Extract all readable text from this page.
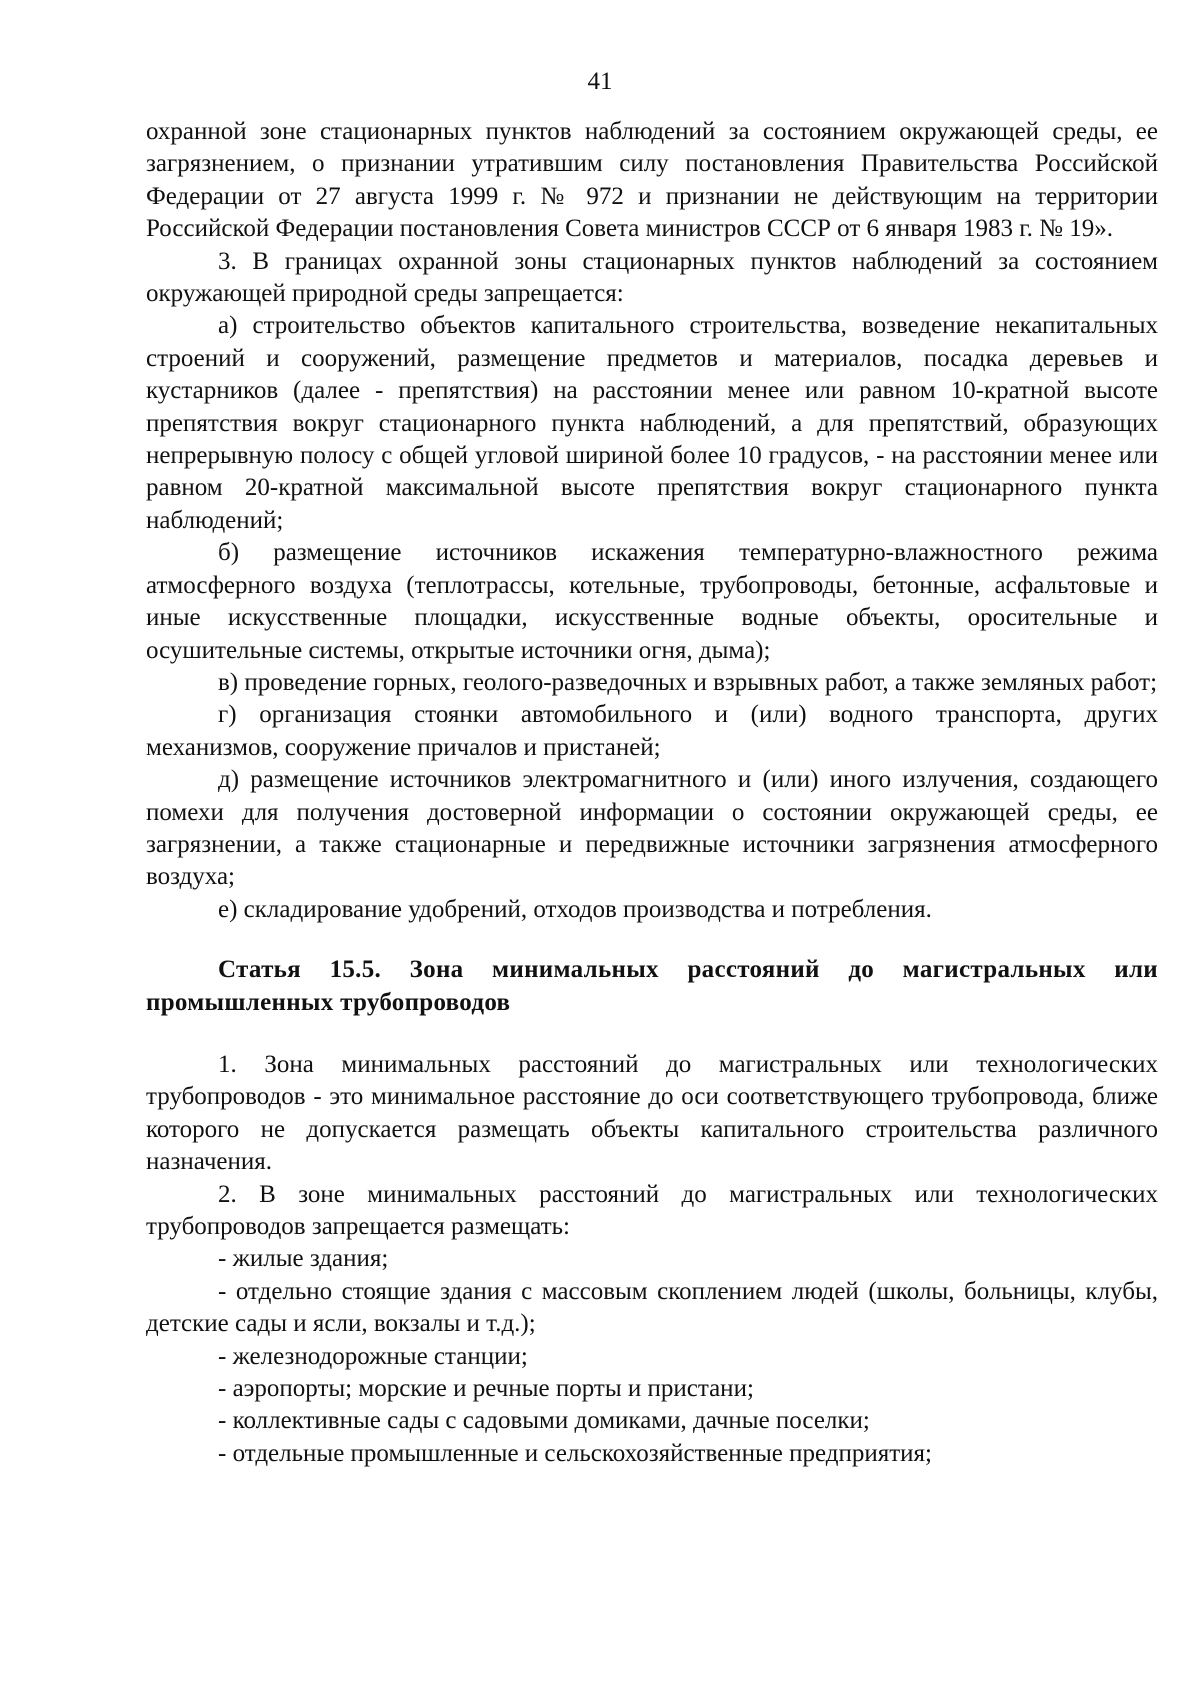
41

охранной зоне стационарных пунктов наблюдений за состоянием окружающей среды, ее загрязнением, о признании утратившим силу постановления Правительства Российской Федерации от 27 августа 1999 г. № 972 и признании не действующим на территории Российской Федерации постановления Совета министров СССР от 6 января 1983 г. № 19».

3. В границах охранной зоны стационарных пунктов наблюдений за состоянием окружающей природной среды запрещается:

а) строительство объектов капитального строительства, возведение некапитальных строений и сооружений, размещение предметов и материалов, посадка деревьев и кустарников (далее - препятствия) на расстоянии менее или равном 10-кратной высоте препятствия вокруг стационарного пункта наблюдений, а для препятствий, образующих непрерывную полосу с общей угловой шириной более 10 градусов, - на расстоянии менее или равном 20-кратной максимальной высоте препятствия вокруг стационарного пункта наблюдений;

б) размещение источников искажения температурно-влажностного режима атмосферного воздуха (теплотрассы, котельные, трубопроводы, бетонные, асфальтовые и иные искусственные площадки, искусственные водные объекты, оросительные и осушительные системы, открытые источники огня, дыма);

в) проведение горных, геолого-разведочных и взрывных работ, а также земляных работ;

г) организация стоянки автомобильного и (или) водного транспорта, других механизмов, сооружение причалов и пристаней;

д) размещение источников электромагнитного и (или) иного излучения, создающего помехи для получения достоверной информации о состоянии окружающей среды, ее загрязнении, а также стационарные и передвижные источники загрязнения атмосферного воздуха;

е) складирование удобрений, отходов производства и потребления.

Статья 15.5. Зона минимальных расстояний до магистральных или промышленных трубопроводов

1. Зона минимальных расстояний до магистральных или технологических трубопроводов - это минимальное расстояние до оси соответствующего трубопровода, ближе которого не допускается размещать объекты капитального строительства различного назначения.

2. В зоне минимальных расстояний до магистральных или технологических трубопроводов запрещается размещать:

- жилые здания;

- отдельно стоящие здания с массовым скоплением людей (школы, больницы, клубы, детские сады и ясли, вокзалы и т.д.);

- железнодорожные станции;

- аэропорты; морские и речные порты и пристани;

- коллективные сады с садовыми домиками, дачные поселки;

- отдельные промышленные и сельскохозяйственные предприятия;
